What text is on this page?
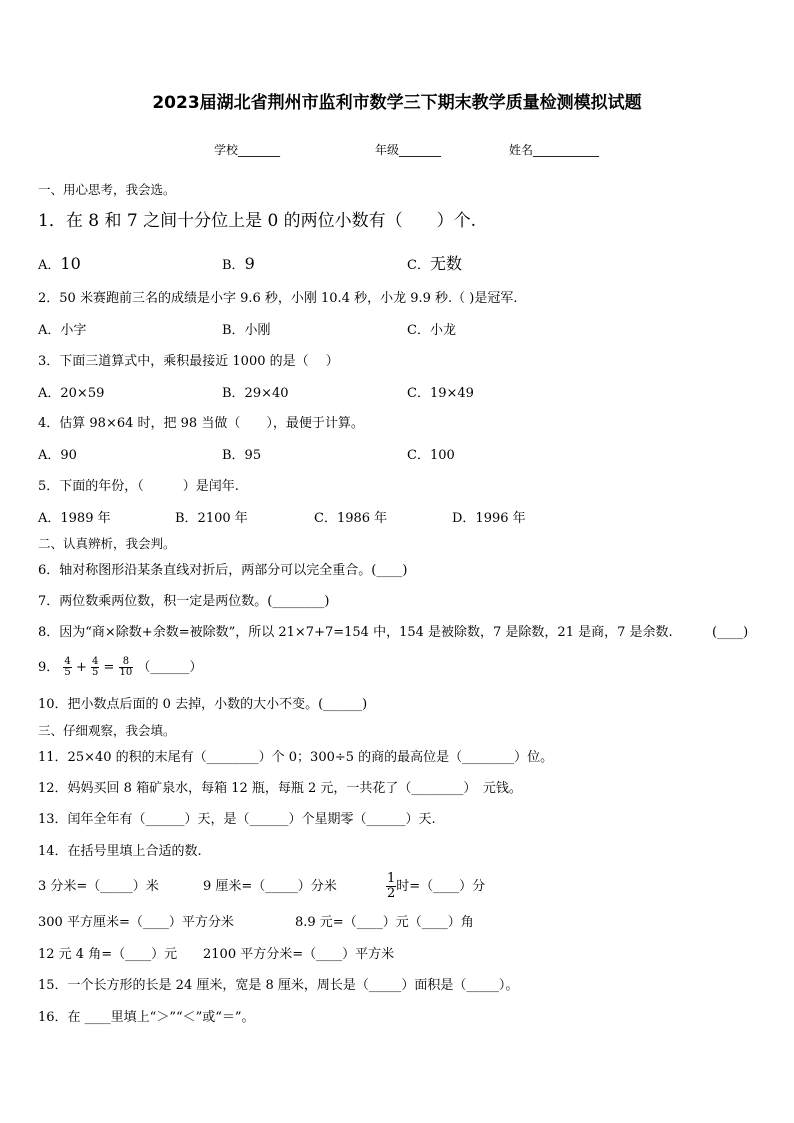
2023届湖北省荆州市监利市数学三下期末教学质量检测模拟试题
学校_______	年级_______	姓名___________
一、用心思考，我会选。
1．在 8 和 7 之间十分位上是 0 的两位小数有（　　）个.
A．10	B．9	C．无数
2．50 米赛跑前三名的成绩是小字 9.6 秒，小刚 10.4 秒，小龙 9.9 秒.（ )是冠军.
A．小字	B．小刚	C．小龙
3．下面三道算式中，乘积最接近 1000 的是（　 ）
A．20×59	B．29×40	C．19×49
4．估算 98×64 时，把 98 当做（　　），最便于计算。
A．90	B．95	C．100
5．下面的年份，（　　　）是闰年.
A．1989 年	B．2100 年	C．1986 年	D．1996 年
二、认真辨析，我会判。
6．轴对称图形沿某条直线对折后，两部分可以完全重合。(____)
7．两位数乘两位数，积一定是两位数。(________)
8．因为“商×除数+余数=被除数”，所以 21×7+7=154 中，154 是被除数，7 是除数，21 是商，7 是余数.	(____)
9． $\frac{4}{5} + \frac{4}{5} = \frac{8}{10}$ （______）
10．把小数点后面的 0 去掉，小数的大小不变。(______)
三、仔细观察，我会填。
11．25×40 的积的末尾有（________）个 0；300÷5 的商的最高位是（________）位。
12．妈妈买回 8 箱矿泉水，每箱 12 瓶，每瓶 2 元，一共花了（________）　元钱。
13．闰年全年有（______）天，是（______）个星期零（______）天.
14．在括号里填上合适的数.
3 分米=（_____）米	9 厘米=（_____）分米	$\frac{1}{2}$ 时=（____）分
300 平方厘米=（____）平方分米	8.9 元=（____）元（____）角
12 元 4 角=（____）元 2100 平方分米=（____）平方米
15．一个长方形的长是 24 厘米，宽是 8 厘米，周长是（_____）面积是（_____）。
16．在 ____里填上“＞”“＜”或“＝”。
